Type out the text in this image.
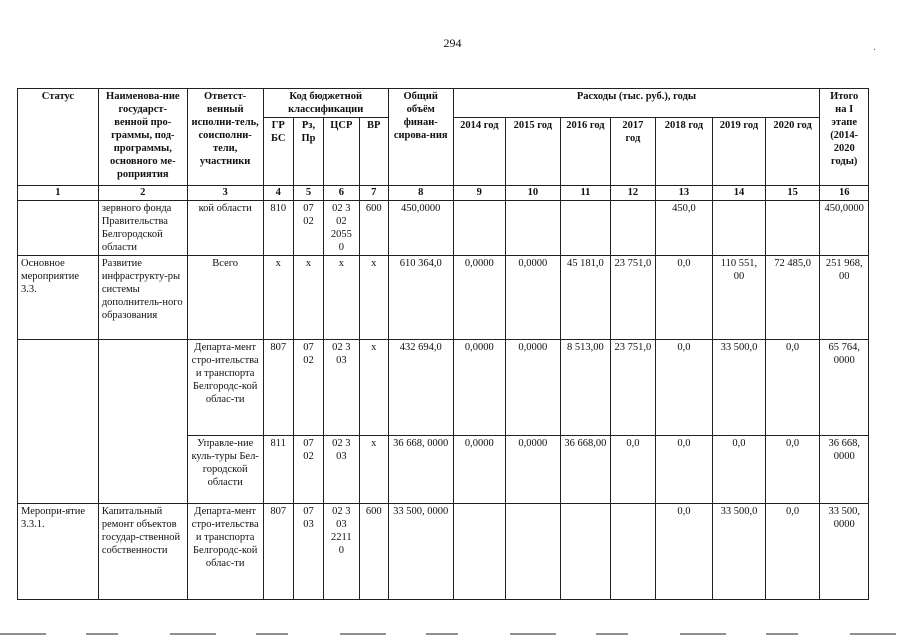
294
·
Статус	Наименова-ние государст-венной про-граммы, под-программы, основного ме-роприятия	Ответст-венный исполни-тель, соисполни-тели, участники	Код бюджетной классификации				Общий объём финан-сирова-ния	Расходы (тыс. руб.), годы							Итого на I этапе (2014-2020 годы)
			ГР БС	Рз, Пр	ЦСР	ВР		2014 год	2015 год	2016 год	2017 год	2018 год	2019 год	2020 год	
1	2	3	4	5	6	7	8	9	10	11	12	13	14	15	16
	зервного фонда Правительства Белгородской области	кой области	810	07 02	02 3 02 2055 0	600	450,0000					450,0			450,0000
Основное мероприятие 3.3.	Развитие инфраструкту-ры системы дополнитель-ного образования	Всего	х	х	х	х	610 364,0	0,0000	0,0000	45 181,0	23 751,0	0,0	110 551, 00	72 485,0	251 968, 00
		Департа-мент стро-ительства и транспорта Белгородс-кой облас-ти	807	07 02	02 3 03	х	432 694,0	0,0000	0,0000	8 513,00	23 751,0	0,0	33 500,0	0,0	65 764, 0000
		Управле-ние куль-туры Бел-городской области	811	07 02	02 3 03	х	36 668, 0000	0,0000	0,0000	36 668,00	0,0	0,0	0,0	0,0	36 668, 0000
Меропри-ятие 3.3.1.	Капитальный ремонт объектов государ-ственной собственности	Департа-мент стро-ительства и транспорта Белгородс-кой облас-ти	807	07 03	02 3 03 2211 0	600	33 500, 0000					0,0	33 500,0	0,0	33 500, 0000
